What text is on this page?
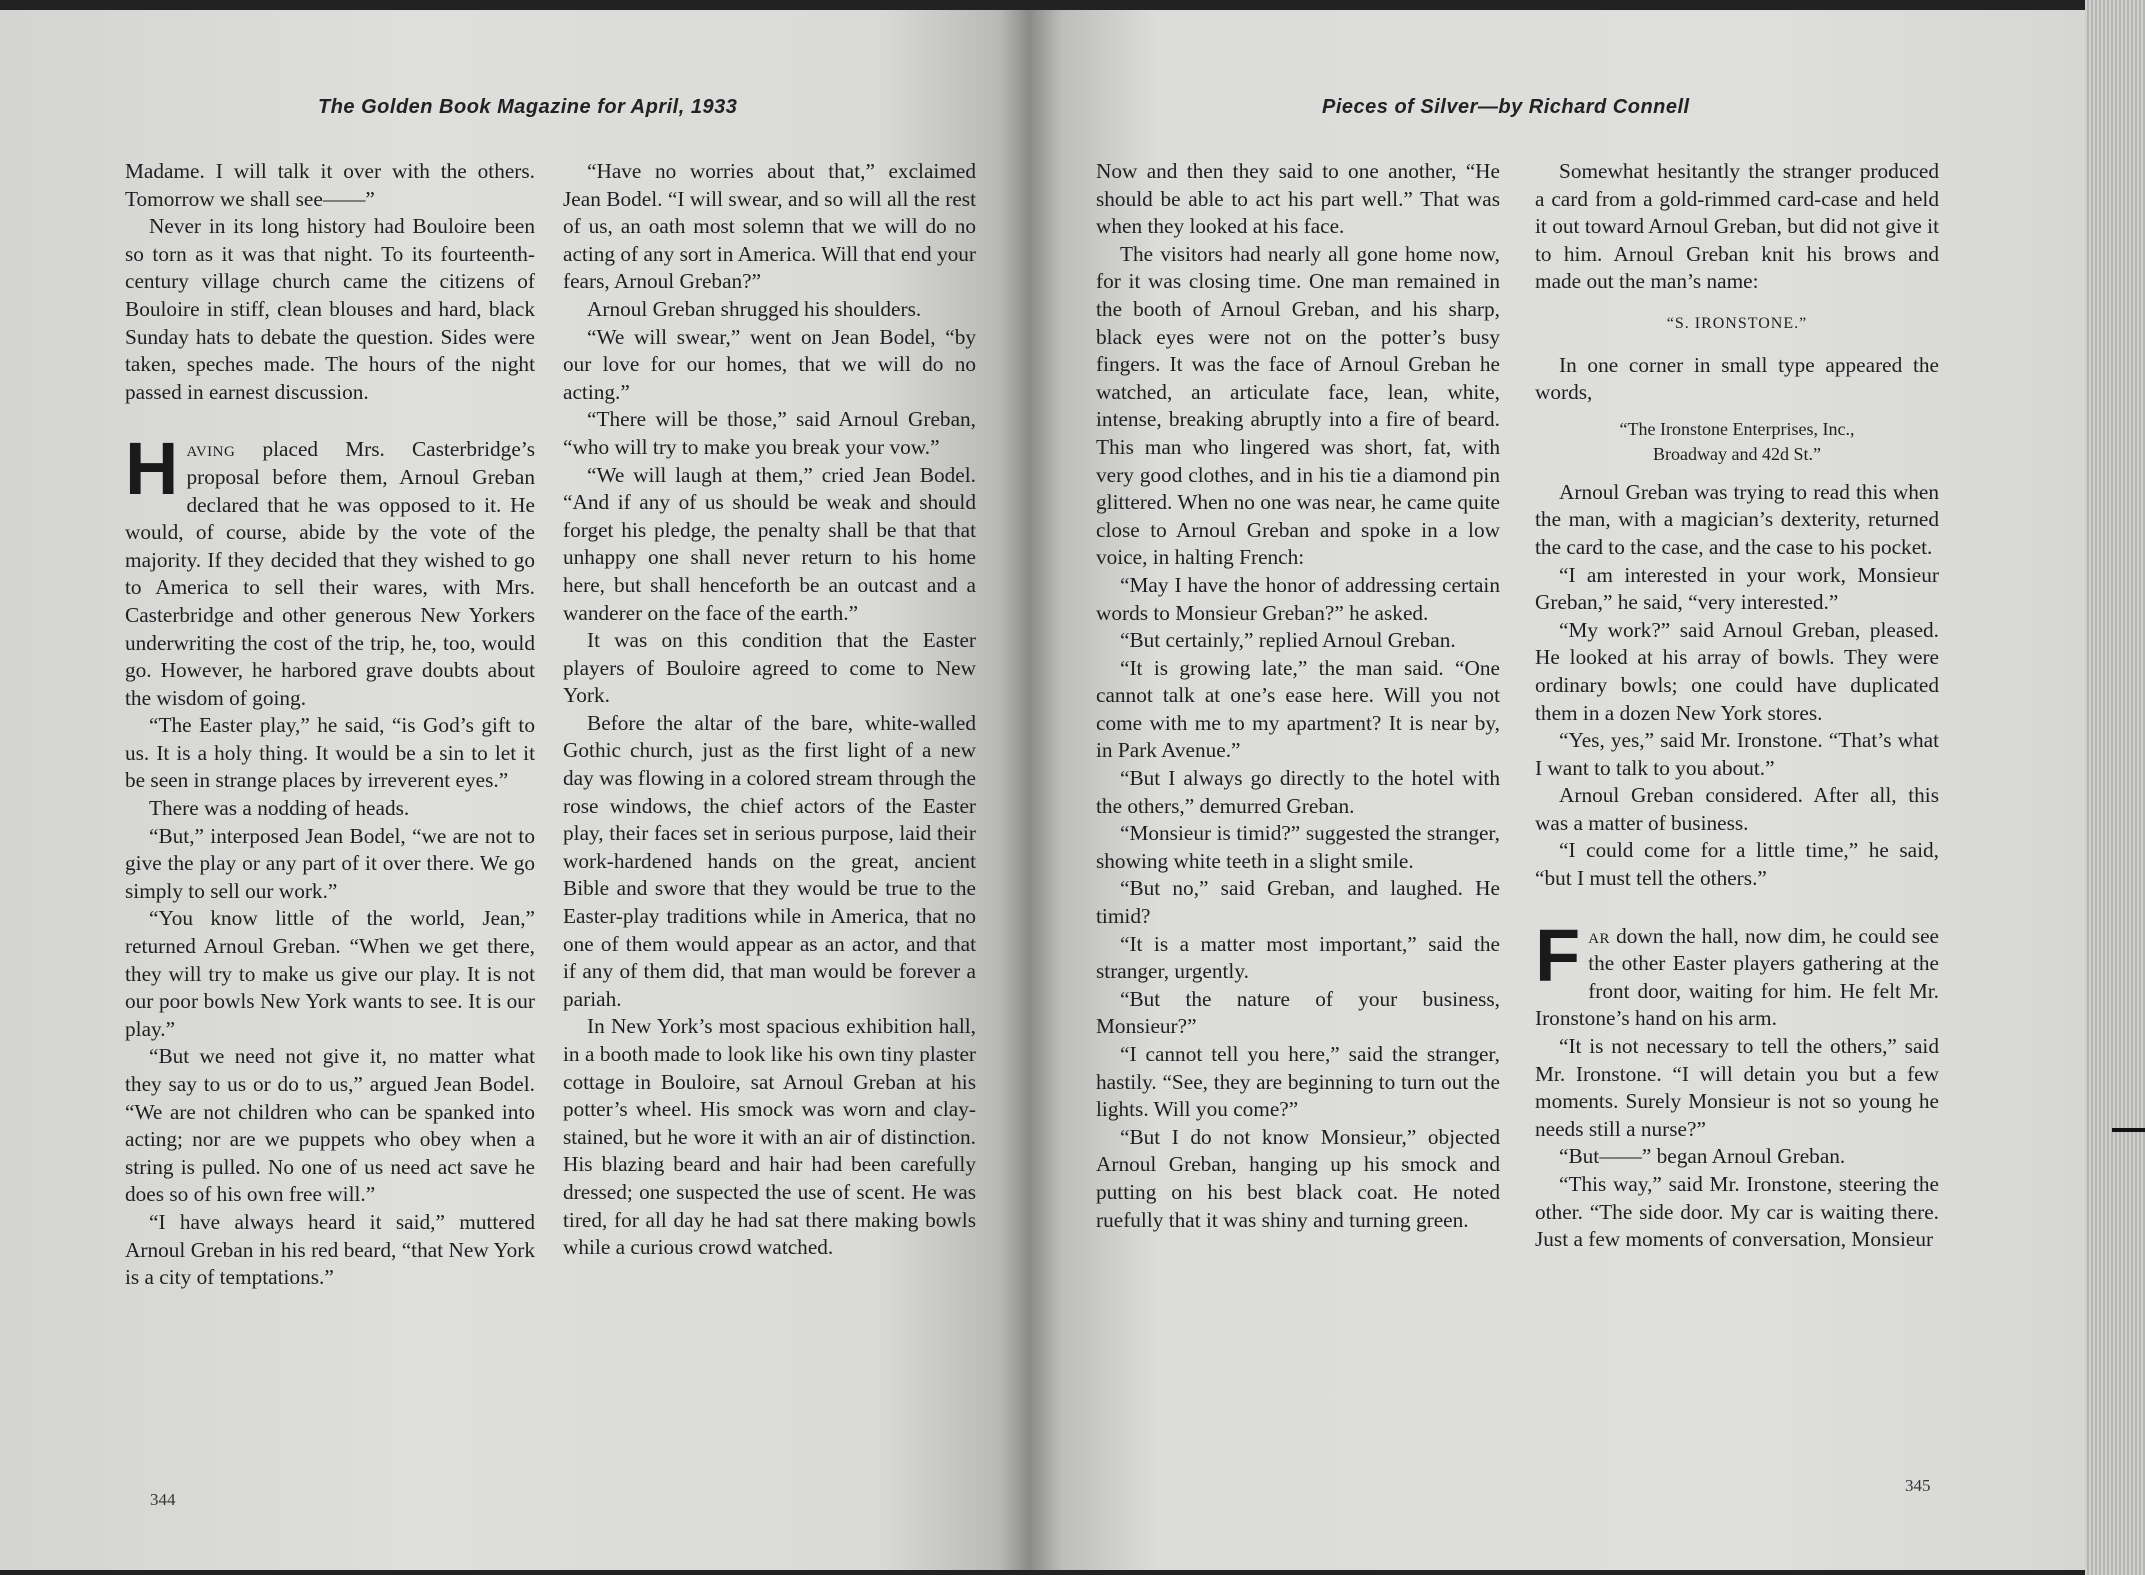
The Golden Book Magazine for April, 1933

Madame. I will talk it over with the others. Tomorrow we shall see——”

Never in its long history had Bouloire been so torn as it was that night. To its fourteenth-century village church came the citizens of Bouloire in stiff, clean blouses and hard, black Sunday hats to debate the question. Sides were taken, speches made. The hours of the night passed in earnest discussion.

Having placed Mrs. Casterbridge’s proposal before them, Arnoul Greban declared that he was opposed to it. He would, of course, abide by the vote of the majority. If they decided that they wished to go to America to sell their wares, with Mrs. Casterbridge and other generous New Yorkers underwriting the cost of the trip, he, too, would go. However, he harbored grave doubts about the wisdom of going.

“The Easter play,” he said, “is God’s gift to us. It is a holy thing. It would be a sin to let it be seen in strange places by irreverent eyes.”

There was a nodding of heads.

“But,” interposed Jean Bodel, “we are not to give the play or any part of it over there. We go simply to sell our work.”

“You know little of the world, Jean,” returned Arnoul Greban. “When we get there, they will try to make us give our play. It is not our poor bowls New York wants to see. It is our play.”

“But we need not give it, no matter what they say to us or do to us,” argued Jean Bodel. “We are not children who can be spanked into acting; nor are we puppets who obey when a string is pulled. No one of us need act save he does so of his own free will.”

“I have always heard it said,” muttered Arnoul Greban in his red beard, “that New York is a city of temptations.”

“Have no worries about that,” exclaimed Jean Bodel. “I will swear, and so will all the rest of us, an oath most solemn that we will do no acting of any sort in America. Will that end your fears, Arnoul Greban?”

Arnoul Greban shrugged his shoulders.

“We will swear,” went on Jean Bodel, “by our love for our homes, that we will do no acting.”

“There will be those,” said Arnoul Greban, “who will try to make you break your vow.”

“We will laugh at them,” cried Jean Bodel. “And if any of us should be weak and should forget his pledge, the penalty shall be that that unhappy one shall never return to his home here, but shall henceforth be an outcast and a wanderer on the face of the earth.”

It was on this condition that the Easter players of Bouloire agreed to come to New York.

Before the altar of the bare, white-walled Gothic church, just as the first light of a new day was flowing in a colored stream through the rose windows, the chief actors of the Easter play, their faces set in serious purpose, laid their work-hardened hands on the great, ancient Bible and swore that they would be true to the Easter-play traditions while in America, that no one of them would appear as an actor, and that if any of them did, that man would be forever a pariah.

In New York’s most spacious exhibition hall, in a booth made to look like his own tiny plaster cottage in Bouloire, sat Arnoul Greban at his potter’s wheel. His smock was worn and clay-stained, but he wore it with an air of distinction. His blazing beard and hair had been carefully dressed; one suspected the use of scent. He was tired, for all day he had sat there making bowls while a curious crowd watched.

344
Pieces of Silver—by Richard Connell

Now and then they said to one another, “He should be able to act his part well.” That was when they looked at his face.

The visitors had nearly all gone home now, for it was closing time. One man remained in the booth of Arnoul Greban, and his sharp, black eyes were not on the potter’s busy fingers. It was the face of Arnoul Greban he watched, an articulate face, lean, white, intense, breaking abruptly into a fire of beard. This man who lingered was short, fat, with very good clothes, and in his tie a diamond pin glittered. When no one was near, he came quite close to Arnoul Greban and spoke in a low voice, in halting French:

“May I have the honor of addressing certain words to Monsieur Greban?” he asked.

“But certainly,” replied Arnoul Greban.

“It is growing late,” the man said. “One cannot talk at one’s ease here. Will you not come with me to my apartment? It is near by, in Park Avenue.”

“But I always go directly to the hotel with the others,” demurred Greban.

“Monsieur is timid?” suggested the stranger, showing white teeth in a slight smile.

“But no,” said Greban, and laughed. He timid?

“It is a matter most important,” said the stranger, urgently.

“But the nature of your business, Monsieur?”

“I cannot tell you here,” said the stranger, hastily. “See, they are beginning to turn out the lights. Will you come?”

“But I do not know Monsieur,” objected Arnoul Greban, hanging up his smock and putting on his best black coat. He noted ruefully that it was shiny and turning green.

Somewhat hesitantly the stranger produced a card from a gold-rimmed card-case and held it out toward Arnoul Greban, but did not give it to him. Arnoul Greban knit his brows and made out the man’s name:

“S. IRONSTONE.”

In one corner in small type appeared the words,

“The Ironstone Enterprises, Inc.,
Broadway and 42d St.”

Arnoul Greban was trying to read this when the man, with a magician’s dexterity, returned the card to the case, and the case to his pocket.

“I am interested in your work, Monsieur Greban,” he said, “very interested.”

“My work?” said Arnoul Greban, pleased. He looked at his array of bowls. They were ordinary bowls; one could have duplicated them in a dozen New York stores.

“Yes, yes,” said Mr. Ironstone. “That’s what I want to talk to you about.”

Arnoul Greban considered. After all, this was a matter of business.

“I could come for a little time,” he said, “but I must tell the others.”

Far down the hall, now dim, he could see the other Easter players gathering at the front door, waiting for him. He felt Mr. Ironstone’s hand on his arm.

“It is not necessary to tell the others,” said Mr. Ironstone. “I will detain you but a few moments. Surely Monsieur is not so young he needs still a nurse?”

“But——” began Arnoul Greban.

“This way,” said Mr. Ironstone, steering the other. “The side door. My car is waiting there. Just a few moments of conversation, Monsieur

345
